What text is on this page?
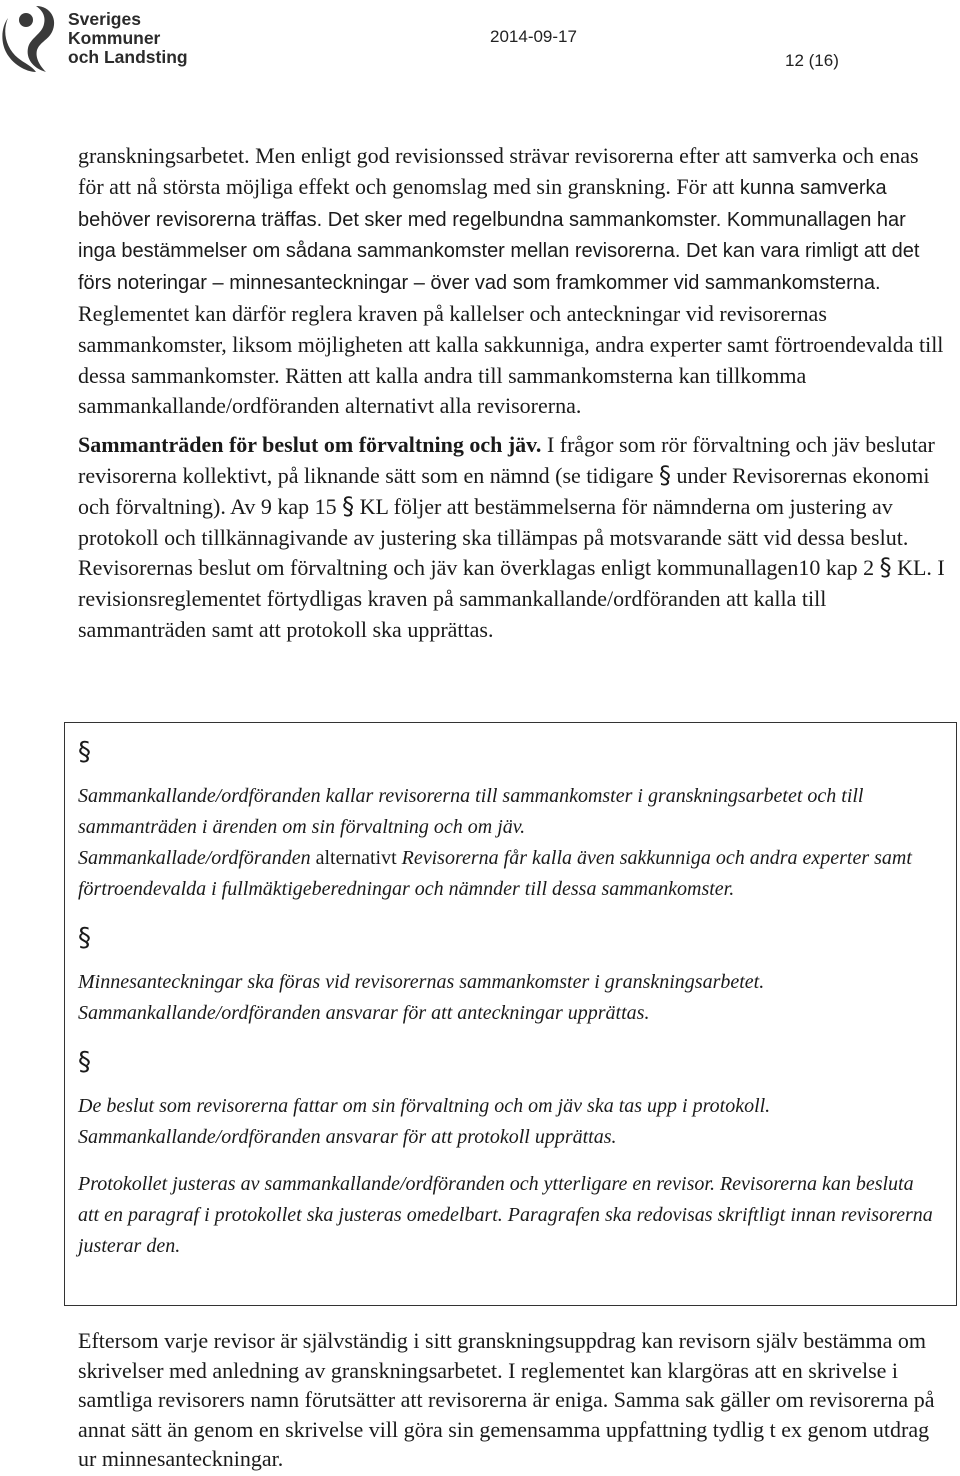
Sveriges
Kommuner
och Landsting
2014-09-17
12 (16)

granskningsarbetet. Men enligt god revisionssed strävar revisorerna efter att samverka och enas för att nå största möjliga effekt och genomslag med sin granskning. För att kunna samverka behöver revisorerna träffas. Det sker med regelbundna sammankomster. Kommunallagen har inga bestämmelser om sådana sammankomster mellan revisorerna. Det kan vara rimligt att det förs noteringar – minnesanteckningar – över vad som framkommer vid sammankomsterna. Reglementet kan därför reglera kraven på kallelser och anteckningar vid revisorernas sammankomster, liksom möjligheten att kalla sakkunniga, andra experter samt förtroendevalda till dessa sammankomster. Rätten att kalla andra till sammankomsterna kan tillkomma sammankallande/ordföranden alternativt alla revisorerna.

Sammanträden för beslut om förvaltning och jäv. I frågor som rör förvaltning och jäv beslutar revisorerna kollektivt, på liknande sätt som en nämnd (se tidigare § under Revisorernas ekonomi och förvaltning). Av 9 kap 15 § KL följer att bestämmelserna för nämnderna om justering av protokoll och tillkännagivande av justering ska tillämpas på motsvarande sätt vid dessa beslut. Revisorernas beslut om förvaltning och jäv kan överklagas enligt kommunallagen10 kap 2 § KL. I revisionsreglementet förtydligas kraven på sammankallande/ordföranden att kalla till sammanträden samt att protokoll ska upprättas.

§

Sammankallande/ordföranden kallar revisorerna till sammankomster i granskningsarbetet och till sammanträden i ärenden om sin förvaltning och om jäv.
Sammankallade/ordföranden alternativt Revisorerna får kalla även sakkunniga och andra experter samt förtroendevalda i fullmäktigeberedningar och nämnder till dessa sammankomster.

§

Minnesanteckningar ska föras vid revisorernas sammankomster i granskningsarbetet. Sammankallande/ordföranden ansvarar för att anteckningar upprättas.

§

De beslut som revisorerna fattar om sin förvaltning och om jäv ska tas upp i protokoll. Sammankallande/ordföranden ansvarar för att protokoll upprättas.

Protokollet justeras av sammankallande/ordföranden och ytterligare en revisor. Revisorerna kan besluta att en paragraf i protokollet ska justeras omedelbart. Paragrafen ska redovisas skriftligt innan revisorerna justerar den.

Eftersom varje revisor är självständig i sitt granskningsuppdrag kan revisorn själv bestämma om skrivelser med anledning av granskningsarbetet. I reglementet kan klargöras att en skrivelse i samtliga revisorers namn förutsätter att revisorerna är eniga. Samma sak gäller om revisorerna på annat sätt än genom en skrivelse vill göra sin gemensamma uppfattning tydlig t ex genom utdrag ur minnesanteckningar.
